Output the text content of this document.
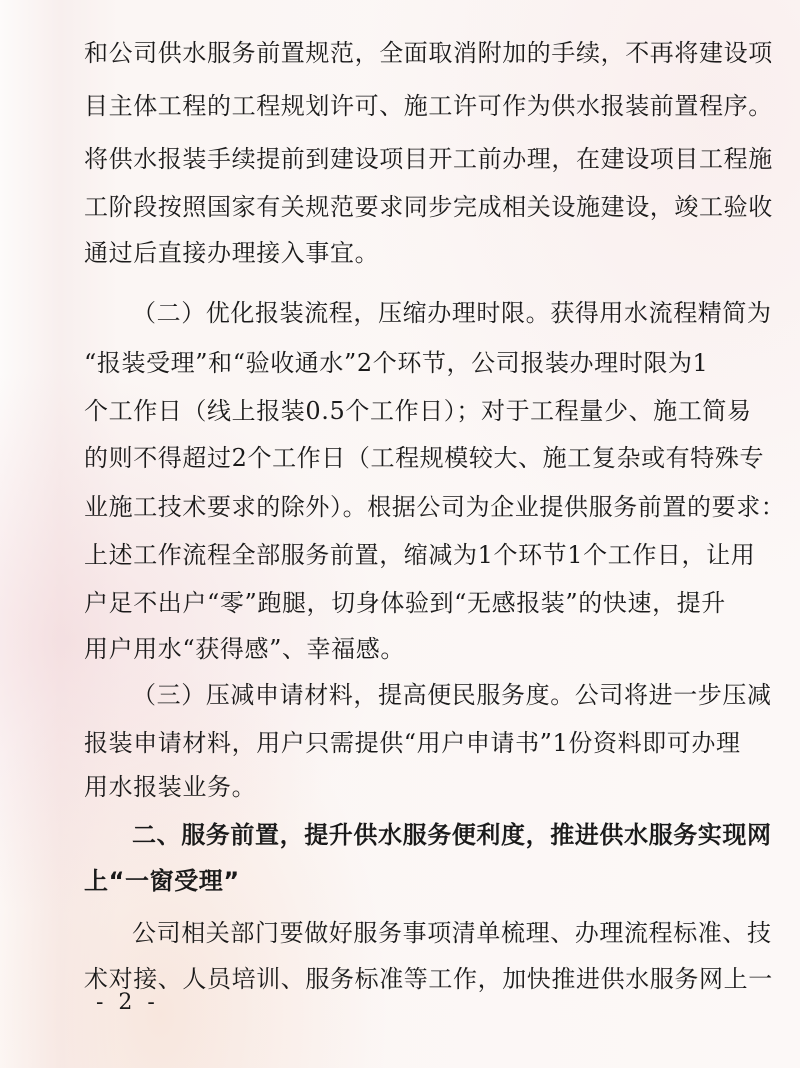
和公司供水服务前置规范，全面取消附加的手续，不再将建设项
目主体工程的工程规划许可、施工许可作为供水报装前置程序。
将供水报装手续提前到建设项目开工前办理，在建设项目工程施
工阶段按照国家有关规范要求同步完成相关设施建设，竣工验收
通过后直接办理接入事宜。
（二）优化报装流程，压缩办理时限。获得用水流程精简为
“报装受理”和“验收通水”2个环节，公司报装办理时限为1
个工作日（线上报装0.5个工作日）；对于工程量少、施工简易
的则不得超过2个工作日（工程规模较大、施工复杂或有特殊专
业施工技术要求的除外）。根据公司为企业提供服务前置的要求：
上述工作流程全部服务前置，缩减为1个环节1个工作日，让用
户足不出户“零”跑腿，切身体验到“无感报装”的快速，提升
用户用水“获得感”、幸福感。
（三）压减申请材料，提高便民服务度。公司将进一步压减
报装申请材料，用户只需提供“用户申请书”1份资料即可办理
用水报装业务。
二、服务前置，提升供水服务便利度，推进供水服务实现网
上“一窗受理”
公司相关部门要做好服务事项清单梳理、办理流程标准、技
术对接、人员培训、服务标准等工作，加快推进供水服务网上一
- 2 -
